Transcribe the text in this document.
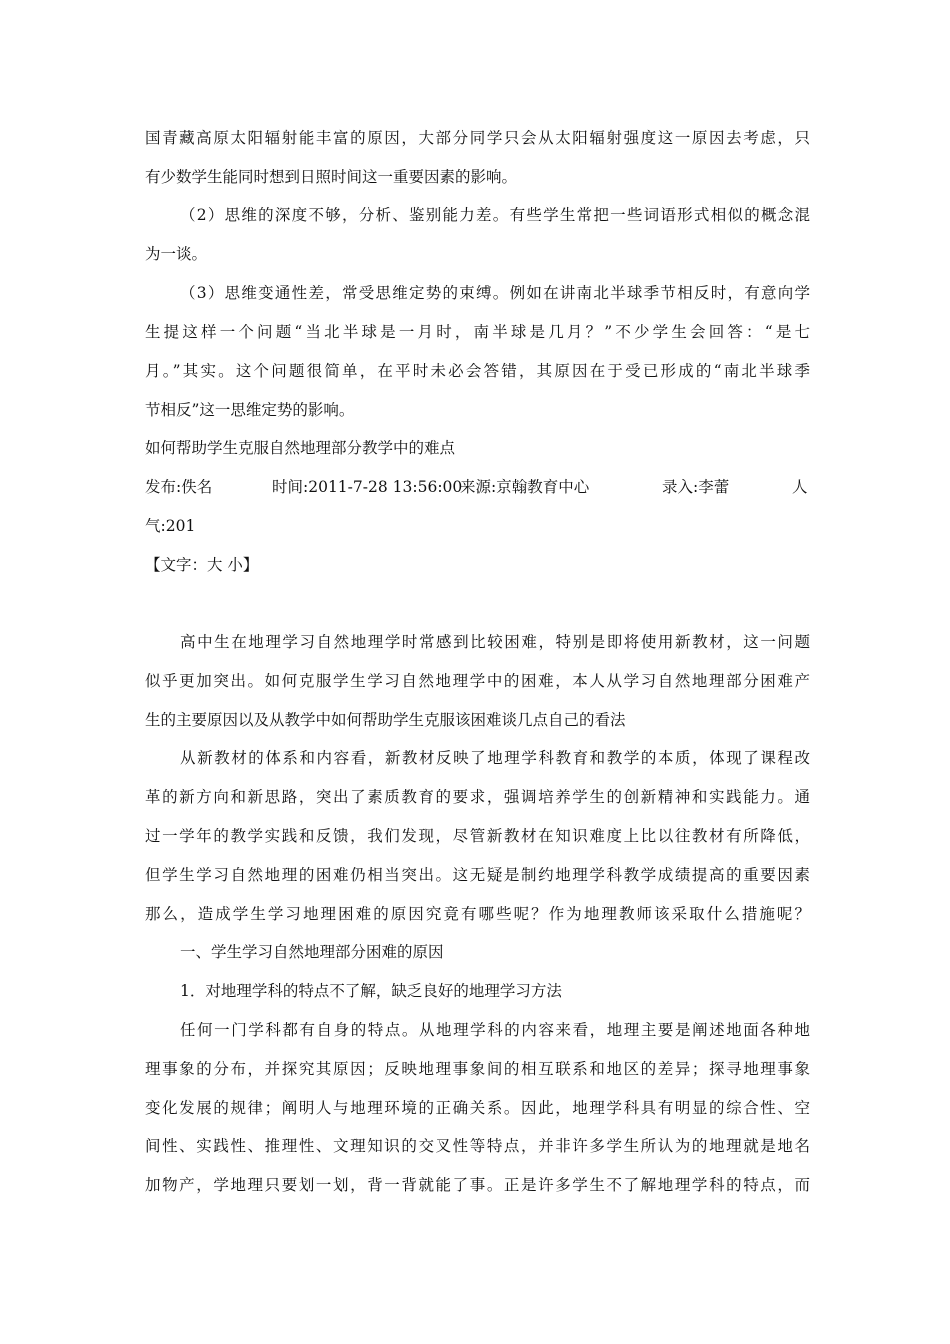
国青藏高原太阳辐射能丰富的原因，大部分同学只会从太阳辐射强度这一原因去考虑，只
有少数学生能同时想到日照时间这一重要因素的影响。
（2）思维的深度不够，分析、鉴别能力差。有些学生常把一些词语形式相似的概念混
为一谈。
（3）思维变通性差，常受思维定势的束缚。例如在讲南北半球季节相反时，有意向学
生提这样一个问题“当北半球是一月时，南半球是几月？”不少学生会回答：“是七
月。”其实。这个问题很简单，在平时未必会答错，其原因在于受已形成的“南北半球季
节相反”这一思维定势的影响。
如何帮助学生克服自然地理部分教学中的难点
发布:佚名	时间:2011-7-28 13:56:00
来源:京翰教育中心	录入:李蕾	人
气:201
【文字：大 小】
高中生在地理学习自然地理学时常感到比较困难，特别是即将使用新教材，这一问题
似乎更加突出。如何克服学生学习自然地理学中的困难，本人从学习自然地理部分困难产
生的主要原因以及从教学中如何帮助学生克服该困难谈几点自己的看法
从新教材的体系和内容看，新教材反映了地理学科教育和教学的本质，体现了课程改
革的新方向和新思路，突出了素质教育的要求，强调培养学生的创新精神和实践能力。通
过一学年的教学实践和反馈，我们发现，尽管新教材在知识难度上比以往教材有所降低，
但学生学习自然地理的困难仍相当突出。这无疑是制约地理学科教学成绩提高的重要因素
那么，造成学生学习地理困难的原因究竟有哪些呢？作为地理教师该采取什么措施呢？
一、学生学习自然地理部分困难的原因
1．对地理学科的特点不了解，缺乏良好的地理学习方法
任何一门学科都有自身的特点。从地理学科的内容来看，地理主要是阐述地面各种地
理事象的分布，并探究其原因；反映地理事象间的相互联系和地区的差异；探寻地理事象
变化发展的规律；阐明人与地理环境的正确关系。因此，地理学科具有明显的综合性、空
间性、实践性、推理性、文理知识的交叉性等特点，并非许多学生所认为的地理就是地名
加物产，学地理只要划一划，背一背就能了事。正是许多学生不了解地理学科的特点，而
